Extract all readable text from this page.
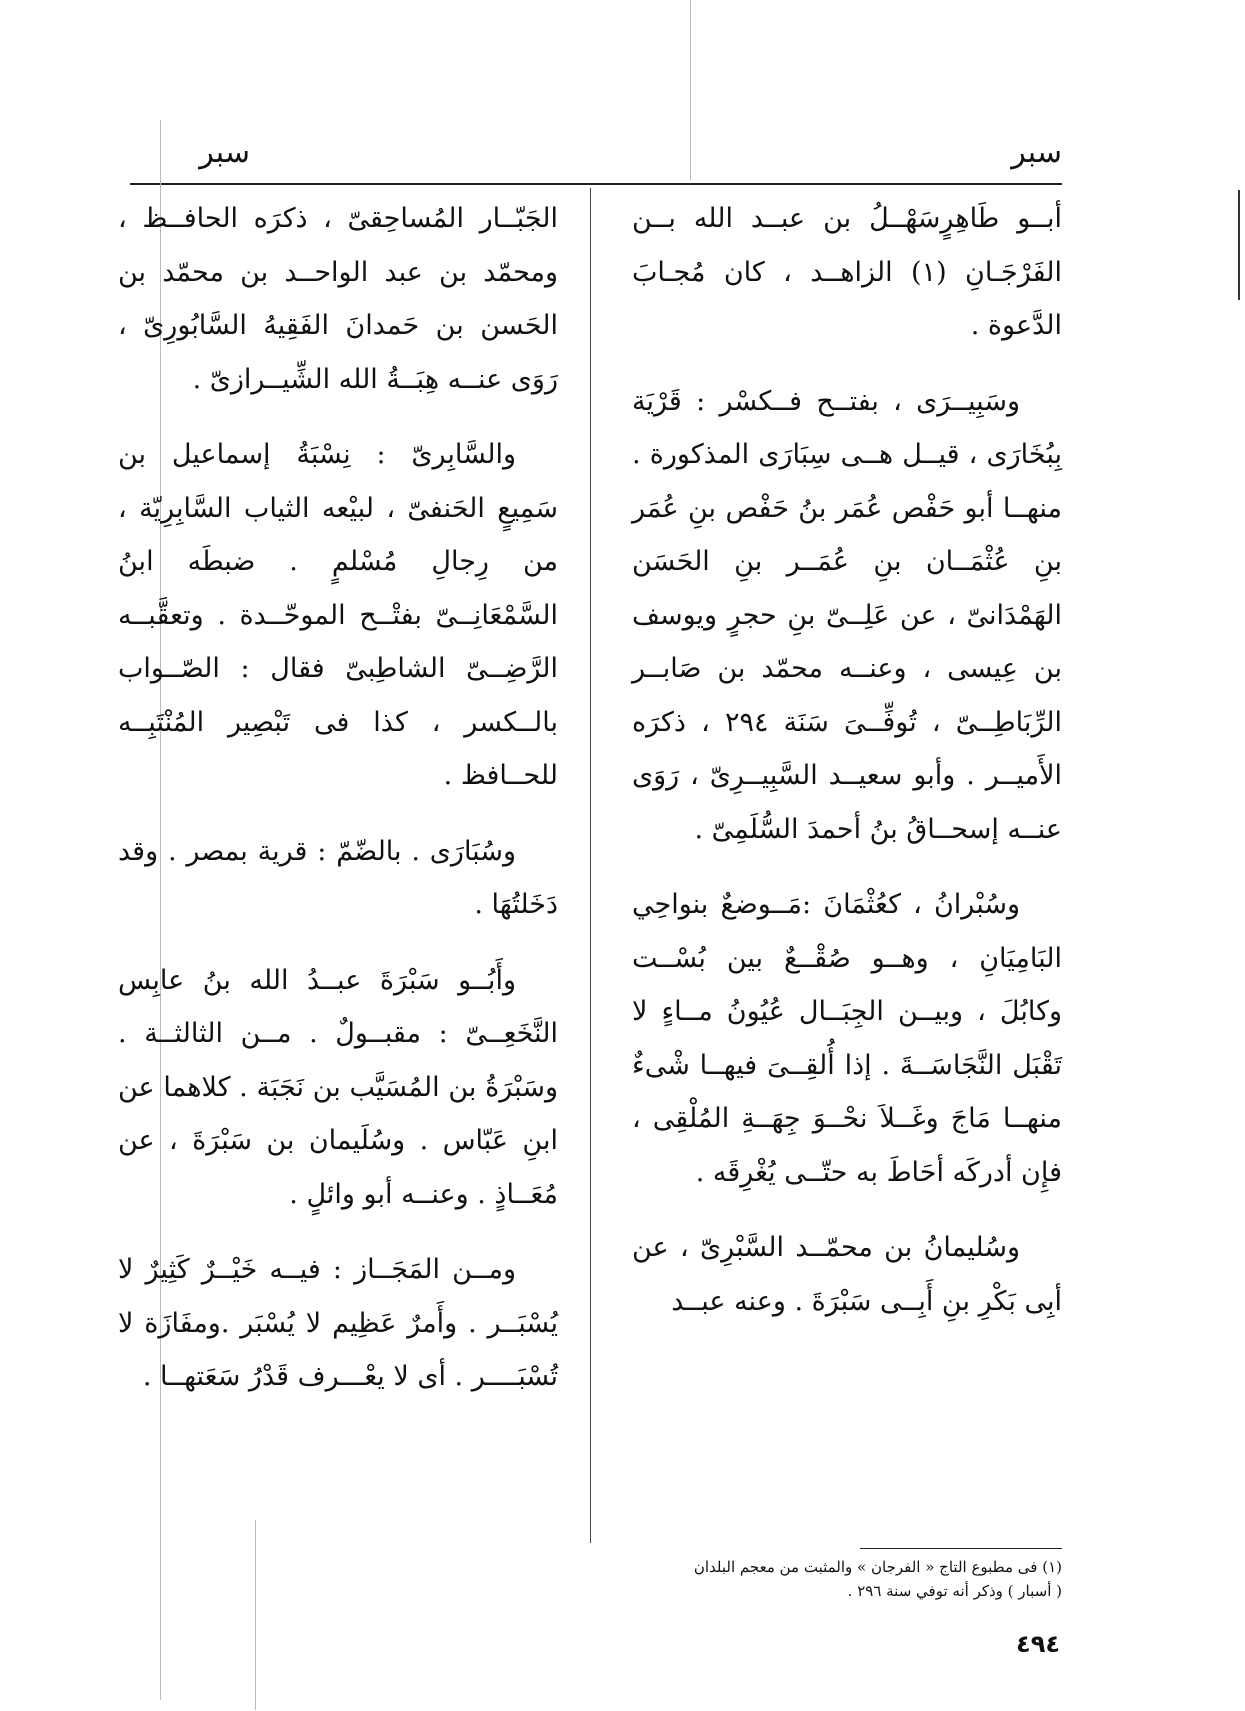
سبر
سبر

أبــو طَاهِرٍسَهْــلُ بن عبــد الله بــن الفَرْجَـانِ (١) الزاهــد ، كان مُجـابَ الدَّعوة .

وسَبِيــرَى ، بفتــح فــكسْر : قَرْيَة بِبُخَارَى ، قيــل هــى سِبَارَى المذكورة . منهــا أبو حَفْص عُمَر بنُ حَفْص بنِ عُمَر بنِ عُثْمَــان بنِ عُمَــر بنِ الحَسَن الهَمْدَانىّ ، عن عَلِــىّ بنِ حجرٍ ويوسف بن عِيسى ، وعنــه محمّد بن صَابــر الرِّبَاطِــىّ ، تُوفِّــىَ سَنَة ٢٩٤ ، ذكرَه الأَميــر . وأبو سعيــد السَّبِيــرِىّ ، رَوَى عنــه إسحــاقُ بنُ أحمدَ السُّلَمِىّ .

وسُبْرانُ ، كعُثْمَانَ :مَــوضعٌ بنواحِي البَامِيَانِ ، وهــو صُقْــعٌ بين بُسْــت وكابُلَ ، وبيــن الجِبَــال عُيُونُ مــاءٍ لا تَقْبَل النَّجَاسَــةَ . إذا أُلقِــىَ فيهــا شْىءٌ منهــا مَاجَ وغَــلاَ نحْــوَ جِهَــةِ المُلْقِى ، فإِن أدركَه أحَاطَ به حتّــى يُغْرِقَه .

وسُليمانُ بن محمّــد السَّبْرِىّ ، عن أبِى بَكْرِ بنِ أَبِــى سَبْرَةَ . وعنه عبــد

الجَبّــار المُساحِقىّ ، ذكرَه الحافــظ ، ومحمّد بن عبد الواحــد بن محمّد بن الحَسن بن حَمدانَ الفَقِيهُ السَّابُورِىّ ، رَوَى عنــه هِبَــةُ الله الشِّيــرازىّ .

والسَّابِرىّ : نِسْبَةُ إسماعيل بن سَمِيعٍ الحَنفىّ ، لبيْعه الثياب السَّابِرِيّة ، من رِجالِ مُسْلمٍ . ضبطَه ابنُ السَّمْعَانِــىّ بفتْــح الموحّــدة . وتعقَّبــه الرَّضِــىّ الشاطِبىّ فقال : الصّــواب بالــكسر ، كذا فى تَبْصِير المُنْتَبِــه للحــافظ .

وسُبَارَى . بالضّمّ : قرية بمصر . وقد دَخَلتُهَا .

وأَبُــو سَبْرَةَ عبــدُ الله بنُ عابِس النَّخَعِــىّ : مقبــولٌ . مــن الثالثــة . وسَبْرَةُ بن المُسَيَّب بن نَجَبَة . كلاهما عن ابنِ عَبّاس . وسُلَيمان بن سَبْرَةَ ، عن مُعَــاذٍ . وعنــه أبو وائلٍ .

ومــن المَجَــاز : فيــه خَيْــرٌ كَثِيرٌ لا يُسْبَــر . وأَمرٌ عَظِيم لا يُسْبَر .ومفَازَة لا تُسْبَــــر . أى لا يعْـــرف قَدْرُ سَعَتهــا .

(١) فى مطبوع التاج « الفرجان » والمثبت من معجم البلدان
( أسبار ) وذكر أنه توفي سنة ٢٩٦ .
٤٩٤
